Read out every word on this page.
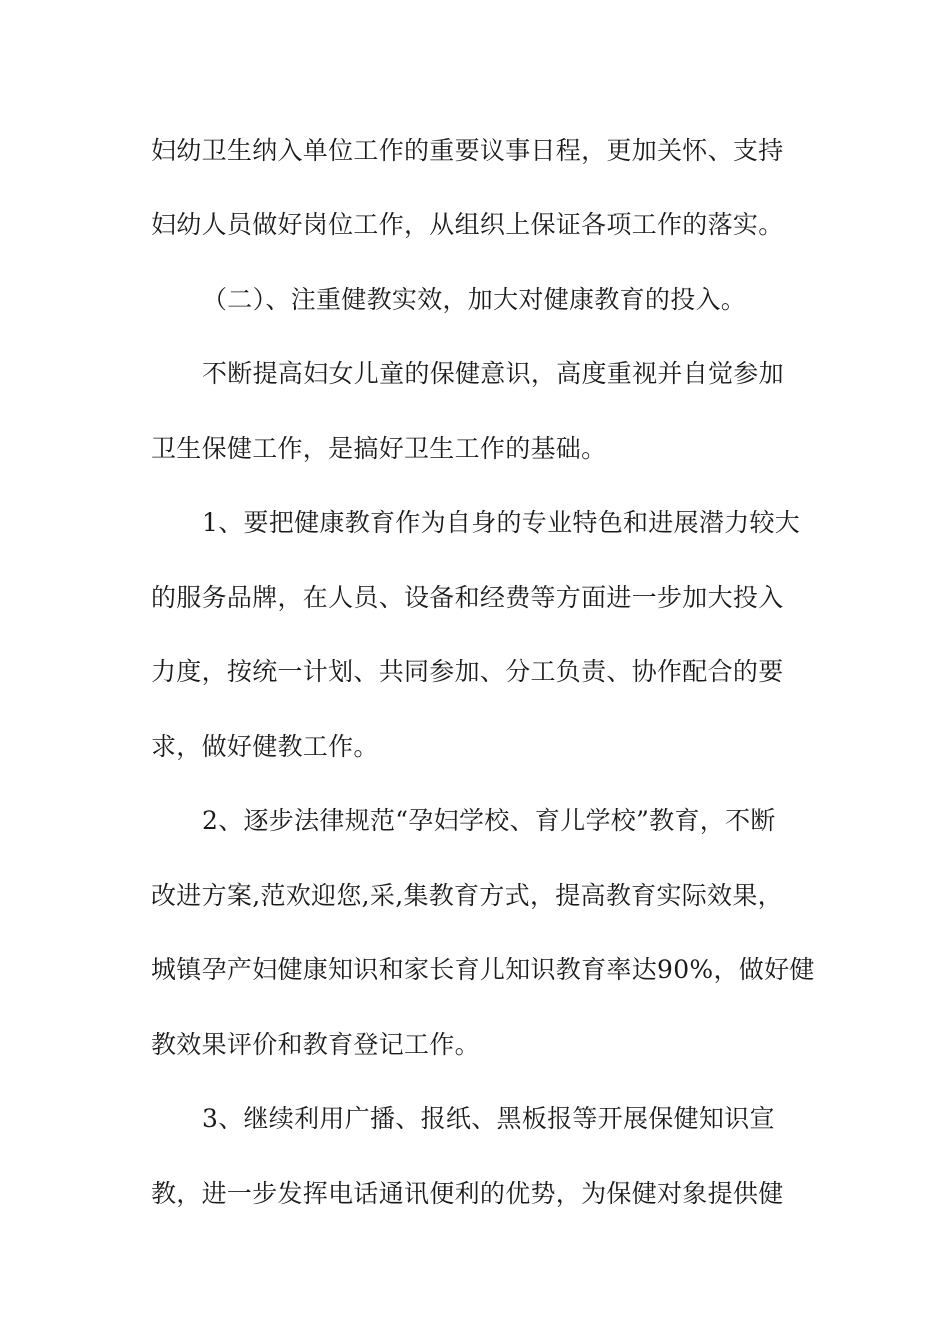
妇幼卫生纳入单位工作的重要议事日程，更加关怀、支持
妇幼人员做好岗位工作，从组织上保证各项工作的落实。
（二）、注重健教实效，加大对健康教育的投入。
不断提高妇女儿童的保健意识，高度重视并自觉参加
卫生保健工作，是搞好卫生工作的基础。
1、要把健康教育作为自身的专业特色和进展潜力较大
的服务品牌，在人员、设备和经费等方面进一步加大投入
力度，按统一计划、共同参加、分工负责、协作配合的要
求，做好健教工作。
2、逐步法律规范“孕妇学校、育儿学校”教育，不断
改进方案,范欢迎您,采,集教育方式，提高教育实际效果，
城镇孕产妇健康知识和家长育儿知识教育率达90%，做好健
教效果评价和教育登记工作。
3、继续利用广播、报纸、黑板报等开展保健知识宣
教，进一步发挥电话通讯便利的优势，为保健对象提供健
